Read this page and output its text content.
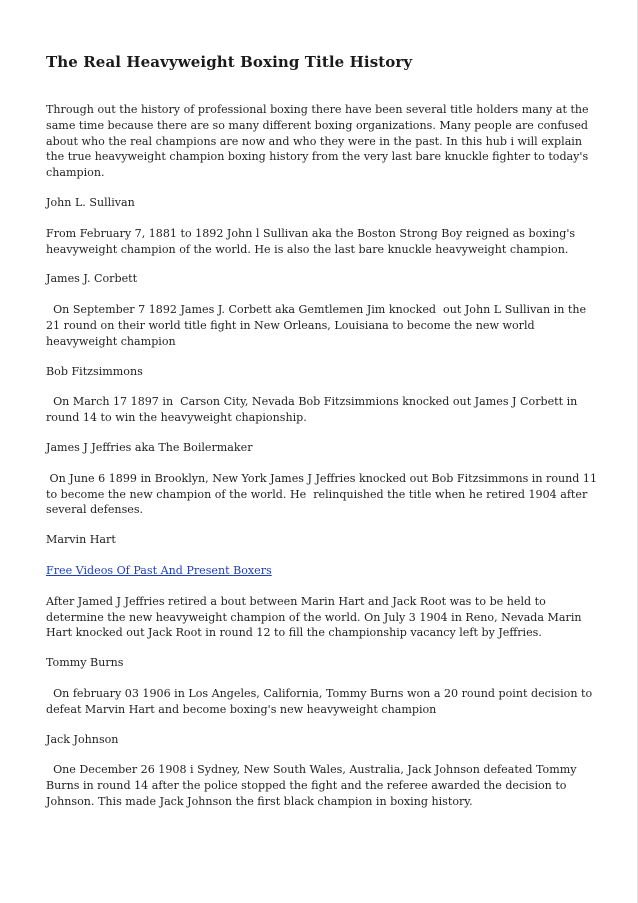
The Real Heavyweight Boxing Title History

Through out the history of professional boxing there have been several title holders many at the same time because there are so many different boxing organizations. Many people are confused about who the real champions are now and who they were in the past. In this hub i will explain the true heavyweight champion boxing history from the very last bare knuckle fighter to today's champion.

John L. Sullivan

From February 7, 1881 to 1892 John l Sullivan aka the Boston Strong Boy reigned as boxing's heavyweight champion of the world. He is also the last bare knuckle heavyweight champion.

James J. Corbett

On September 7 1892 James J. Corbett aka Gemtlemen Jim knocked  out John L Sullivan in the 21 round on their world title fight in New Orleans, Louisiana to become the new world heavyweight champion

Bob Fitzsimmons

On March 17 1897 in  Carson City, Nevada Bob Fitzsimmions knocked out James J Corbett in round 14 to win the heavyweight chapionship.

James J Jeffries aka The Boilermaker

On June 6 1899 in Brooklyn, New York James J Jeffries knocked out Bob Fitzsimmons in round 11 to become the new champion of the world. He  relinquished the title when he retired 1904 after several defenses.

Marvin Hart

Free Videos Of Past And Present Boxers

After Jamed J Jeffries retired a bout between Marin Hart and Jack Root was to be held to determine the new heavyweight champion of the world. On July 3 1904 in Reno, Nevada Marin Hart knocked out Jack Root in round 12 to fill the championship vacancy left by Jeffries.

Tommy Burns

On february 03 1906 in Los Angeles, California, Tommy Burns won a 20 round point decision to defeat Marvin Hart and become boxing's new heavyweight champion

Jack Johnson

One December 26 1908 i Sydney, New South Wales, Australia, Jack Johnson defeated Tommy Burns in round 14 after the police stopped the fight and the referee awarded the decision to Johnson. This made Jack Johnson the first black champion in boxing history.
